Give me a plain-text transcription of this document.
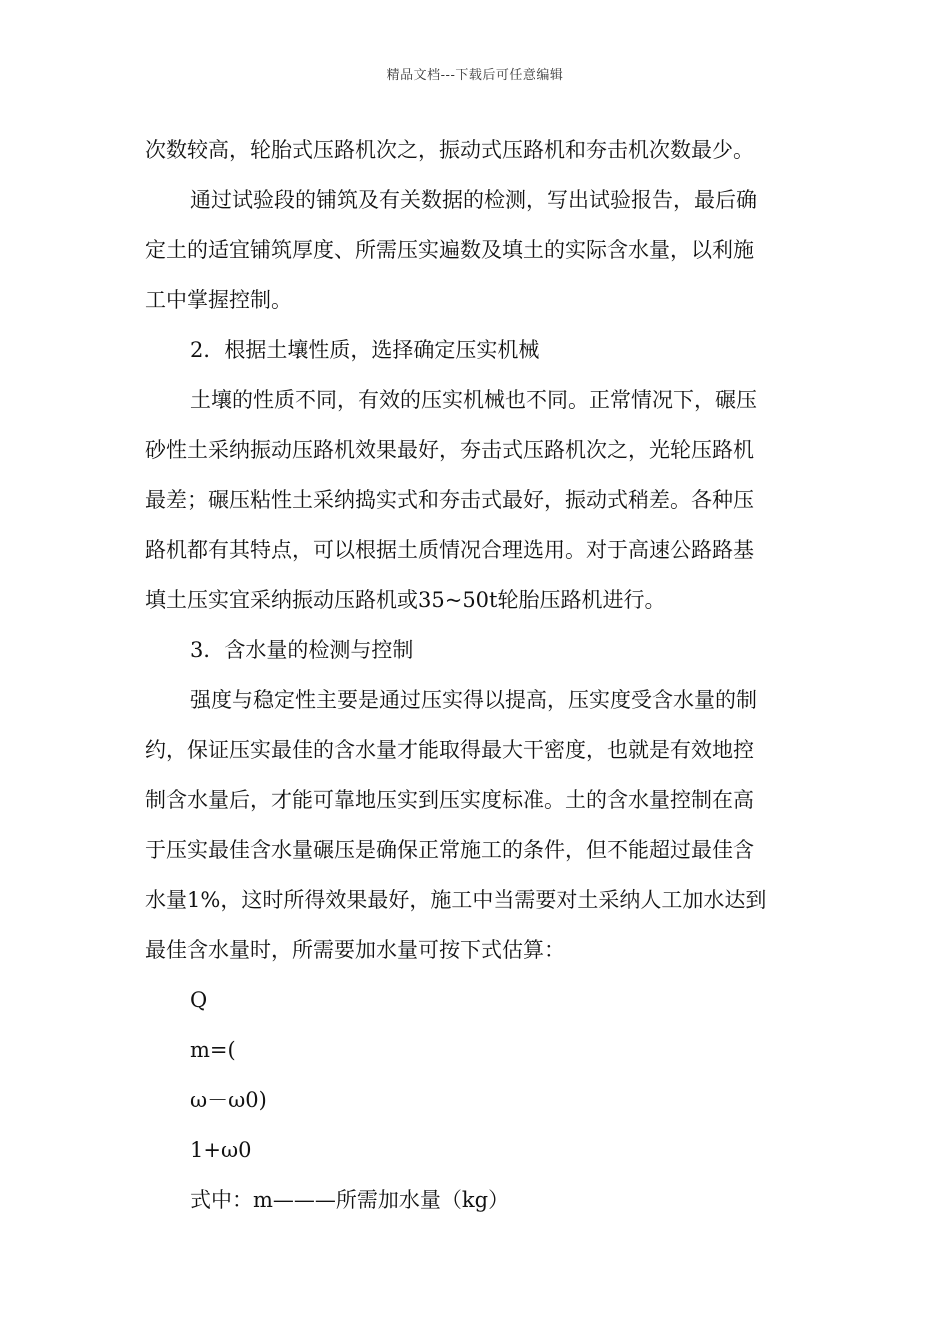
精品文档---下载后可任意编辑
次数较高，轮胎式压路机次之，振动式压路机和夯击机次数最少。
通过试验段的铺筑及有关数据的检测，写出试验报告，最后确
定土的适宜铺筑厚度、所需压实遍数及填土的实际含水量，以利施
工中掌握控制。
2．根据土壤性质，选择确定压实机械
土壤的性质不同，有效的压实机械也不同。正常情况下，碾压
砂性土采纳振动压路机效果最好，夯击式压路机次之，光轮压路机
最差；碾压粘性土采纳捣实式和夯击式最好，振动式稍差。各种压
路机都有其特点，可以根据土质情况合理选用。对于高速公路路基
填土压实宜采纳振动压路机或35~50t轮胎压路机进行。
3．含水量的检测与控制
强度与稳定性主要是通过压实得以提高，压实度受含水量的制
约，保证压实最佳的含水量才能取得最大干密度，也就是有效地控
制含水量后，才能可靠地压实到压实度标准。土的含水量控制在高
于压实最佳含水量碾压是确保正常施工的条件，但不能超过最佳含
水量1%，这时所得效果最好，施工中当需要对土采纳人工加水达到
最佳含水量时，所需要加水量可按下式估算：
Q
m=(
ω－ω0)
1+ω0
式中：m———所需加水量（kg）
